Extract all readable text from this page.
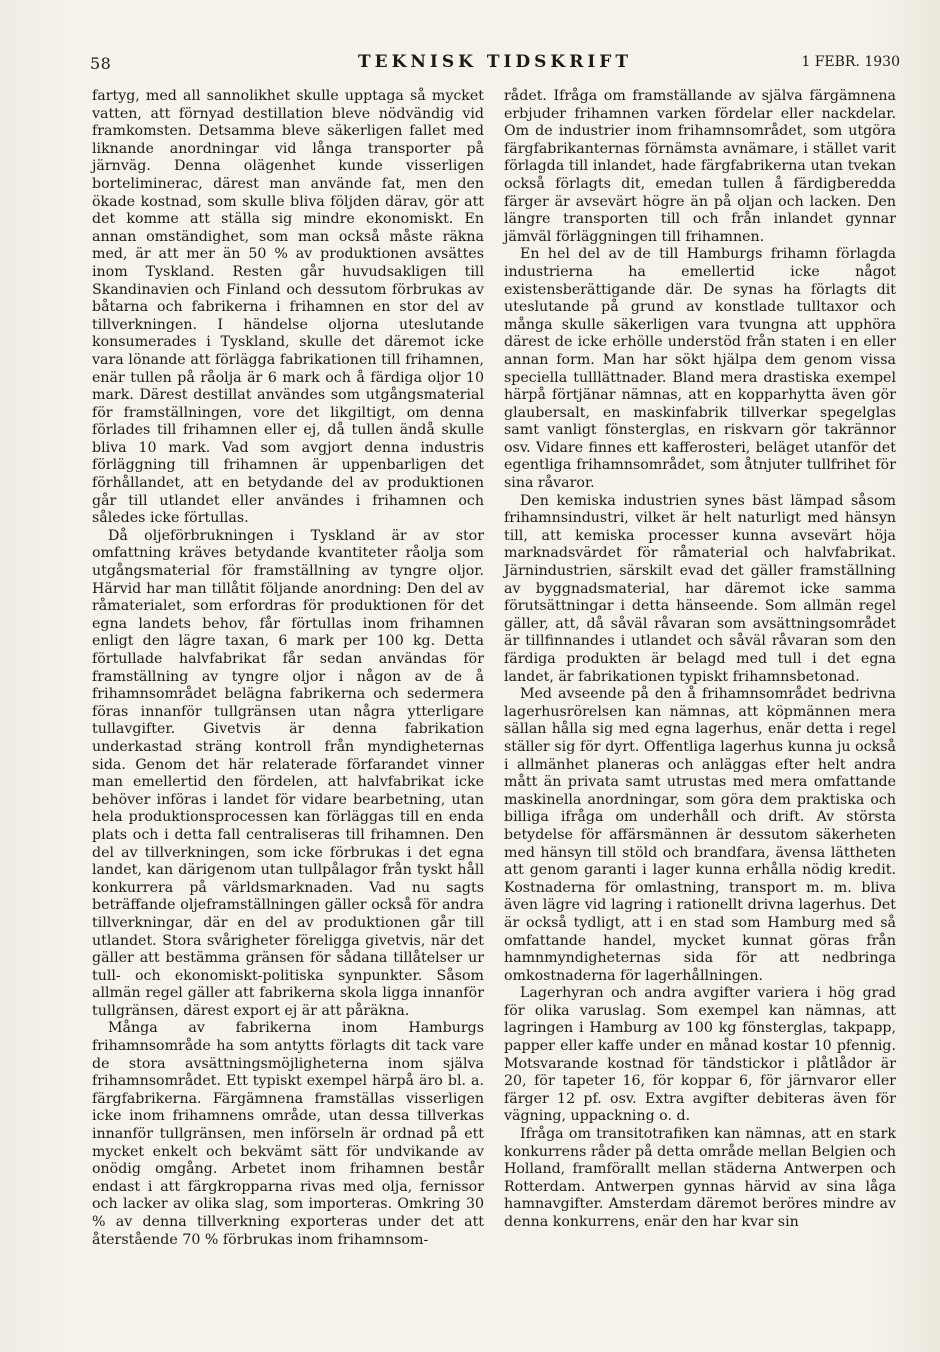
58	TEKNISK TIDSKRIFT	1 FEBR. 1930

fartyg, med all sannolikhet skulle upptaga så mycket vatten, att förnyad destillation bleve nödvändig vid framkomsten. Detsamma bleve säkerligen fallet med liknande anordningar vid långa transporter på järnväg. Denna olägenhet kunde visserligen borteliminerас, därest man använde fat, men den ökade kostnad, som skulle bliva följden därav, gör att det komme att ställa sig mindre ekonomiskt. En annan omständighet, som man också måste räkna med, är att mer än 50 % av produktionen avsättes inom Tyskland. Resten går huvudsakligen till Skandinavien och Finland och dessutom förbrukas av båtarna och fabrikerna i frihamnen en stor del av tillverkningen. I händelse oljorna uteslutande konsumerades i Tyskland, skulle det däremot icke vara lönande att förlägga fabrikationen till frihamnen, enär tullen på råolja är 6 mark och å färdiga oljor 10 mark. Därest destillat användes som utgångsmaterial för framställningen, vore det likgiltigt, om denna förlades till frihamnen eller ej, då tullen ändå skulle bliva 10 mark. Vad som avgjort denna industris förläggning till frihamnen är uppenbarligen det förhållandet, att en betydande del av produktionen går till utlandet eller användes i frihamnen och således icke förtullas.

Då oljeförbrukningen i Tyskland är av stor omfattning kräves betydande kvantiteter råolja som utgångsmaterial för framställning av tyngre oljor. Härvid har man tillåtit följande anordning: Den del av råmaterialet, som erfordras för produktionen för det egna landets behov, får förtullas inom frihamnen enligt den lägre taxan, 6 mark per 100 kg. Detta förtullade halvfabrikat får sedan användas för framställning av tyngre oljor i någon av de å frihamnsområdet belägna fabrikerna och sedermera föras innanför tullgränsen utan några ytterligare tullavgifter. Givetvis är denna fabrikation underkastad sträng kontroll från myndigheternas sida. Genom det här relaterade förfarandet vinner man emellertid den fördelen, att halvfabrikat icke behöver införas i landet för vidare bearbetning, utan hela produktionsprocessen kan förläggas till en enda plats och i detta fall centraliseras till frihamnen. Den del av tillverkningen, som icke förbrukas i det egna landet, kan därigenom utan tullpålagor från tyskt håll konkurrera på världsmarknaden. Vad nu sagts beträffande oljeframställningen gäller också för andra tillverkningar, där en del av produktionen går till utlandet. Stora svårigheter föreligga givetvis, när det gäller att bestämma gränsen för sådana tillåtelser ur tull- och ekonomiskt-politiska synpunkter. Såsom allmän regel gäller att fabrikerna skola ligga innanför tullgränsen, därest export ej är att påräkna.

Många av fabrikerna inom Hamburgs frihamnsområde ha som antytts förlagts dit tack vare de stora avsättningsmöjligheterna inom själva frihamnsområdet. Ett typiskt exempel härpå äro bl. a. färgfabrikerna. Färgämnena framställas visserligen icke inom frihamnens område, utan dessa tillverkas innanför tullgränsen, men införseln är ordnad på ett mycket enkelt och bekvämt sätt för undvikande av onödig omgång. Arbetet inom frihamnen består endast i att färgkropparna rivas med olja, fernissor och lacker av olika slag, som importeras. Omkring 30 % av denna tillverkning exporteras under det att återstående 70 % förbrukas inom frihamnsom-

rådet. Ifråga om framställande av själva färgämnena erbjuder frihamnen varken fördelar eller nackdelar. Om de industrier inom frihamnsområdet, som utgöra färgfabrikanternas förnämsta avnämare, i stället varit förlagda till inlandet, hade färgfabrikerna utan tvekan också förlagts dit, emedan tullen å färdigberedda färger är avsevärt högre än på oljan och lacken. Den längre transporten till och från inlandet gynnar jämväl förläggningen till frihamnen.

En hel del av de till Hamburgs frihamn förlagda industrierna ha emellertid icke något existensberättigande där. De synas ha förlagts dit uteslutande på grund av konstlade tulltaxor och många skulle säkerligen vara tvungna att upphöra därest de icke erhölle understöd från staten i en eller annan form. Man har sökt hjälpa dem genom vissa speciella tulllättnader. Bland mera drastiska exempel härpå förtjänar nämnas, att en kopparhytta även gör glaubersalt, en maskinfabrik tillverkar spegelglas samt vanligt fönsterglas, en riskvarn gör takrännor osv. Vidare finnes ett kafferosteri, beläget utanför det egentliga frihamnsområdet, som åtnjuter tullfrihet för sina råvaror.

Den kemiska industrien synes bäst lämpad såsom frihamnsindustri, vilket är helt naturligt med hänsyn till, att kemiska processer kunna avsevärt höja marknadsvärdet för råmaterial och halvfabrikat. Järnindustrien, särskilt evad det gäller framställning av byggnadsmaterial, har däremot icke samma förutsättningar i detta hänseende. Som allmän regel gäller, att, då såväl råvaran som avsättningsområdet är tillfinnandes i utlandet och såväl råvaran som den färdiga produkten är belagd med tull i det egna landet, är fabrikationen typiskt frihamnsbetonad.

Med avseende på den å frihamnsområdet bedrivna lagerhusrörelsen kan nämnas, att köpmännen mera sällan hålla sig med egna lagerhus, enär detta i regel ställer sig för dyrt. Offentliga lagerhus kunna ju också i allmänhet planeras och anläggas efter helt andra mått än privata samt utrustas med mera omfattande maskinella anordningar, som göra dem praktiska och billiga ifråga om underhåll och drift. Av största betydelse för affärsmännen är dessutom säkerheten med hänsyn till stöld och brandfara, ävensa lättheten att genom garanti i lager kunna erhålla nödig kredit. Kostnaderna för omlastning, transport m. m. bliva även lägre vid lagring i rationellt drivna lagerhus. Det är också tydligt, att i en stad som Hamburg med så omfattande handel, mycket kunnat göras från hamnmyndigheternas sida för att nedbringa omkostnaderna för lagerhållningen.

Lagerhyran och andra avgifter variera i hög grad för olika varuslag. Som exempel kan nämnas, att lagringen i Hamburg av 100 kg fönsterglas, takpapp, papper eller kaffe under en månad kostar 10 pfennig. Motsvarande kostnad för tändstickor i plåtlådor är 20, för tapeter 16, för koppar 6, för järnvaror eller färger 12 pf. osv. Extra avgifter debiteras även för vägning, uppackning o. d.

Ifråga om transitotrafiken kan nämnas, att en stark konkurrens råder på detta område mellan Belgien och Holland, framförallt mellan städerna Antwerpen och Rotterdam. Antwerpen gynnas härvid av sina låga hamnavgifter. Amsterdam däremot beröres mindre av denna konkurrens, enär den har kvar sin
